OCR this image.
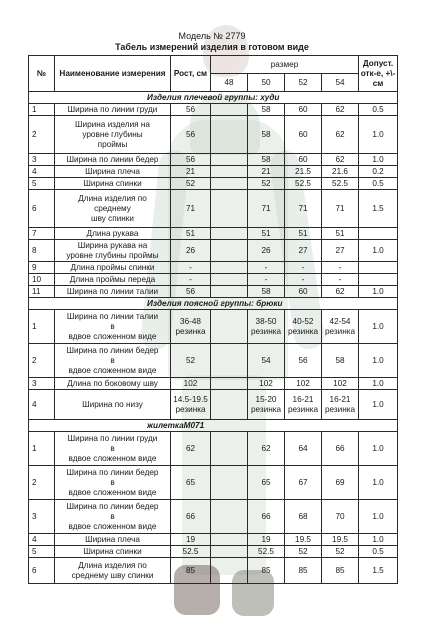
Модель № 2779
Табель измерений изделия в готовом виде
№	Наименование измерения	Рост, см	размер				Допуст. отк-е, +\-см
			48	50	52	54	
Изделия плечевой группы: худи							
1	Ширина по линии груди	56		58	60	62	0.5
2	Ширина изделия на
уровне глубины
проймы	56		58	60	62	1.0
3	Ширина по линии бедер	56		58	60	62	1.0
4	Ширина плеча	21		21	21.5	21.6	0.2
5	Ширина спинки	52		52	52.5	52.5	0.5
6	Длина изделия по
среднему
шву спинки	71		71	71	71	1.5
7	Длина рукава	51		51	51	51	
8	Ширина рукава на
уровне глубины проймы	26		26	27	27	1.0
9	Длина проймы спинки	-		-	-	-	
10	Длина проймы переда	-		-	-	-	
11	Ширина по линии талии	56		58	60	62	1.0
Изделия поясной группы: брюки							
1	Ширина по линии талии
в
вдвое сложенном виде	36-48 резинка		38-50 резинка	40-52 резинка	42-54 резинка	1.0
2	Ширина по линии бедер
в
вдвое сложенном виде	52		54	56	58	1.0
3	Длина по боковому шву	102		102	102	102	1.0
4	Ширина по низу	14.5-19.5 резинка		15-20 резинка	16-21 резинка	16-21 резинка	1.0
жилеткаМ071							
1	Ширина по линии груди
в
вдвое сложенном виде	62		62	64	66	1.0
2	Ширина по линии бедер
в
вдвое сложенном виде	65		65	67	69	1.0
3	Ширина по линии бедер
в
вдвое сложенном виде	66		66	68	70	1.0
4	Ширина плеча	19		19	19.5	19.5	1.0
5	Ширина спинки	52.5		52.5	52	52	0.5
6	Длина изделия по
среднему шву спинки	85		85	85	85	1.5
